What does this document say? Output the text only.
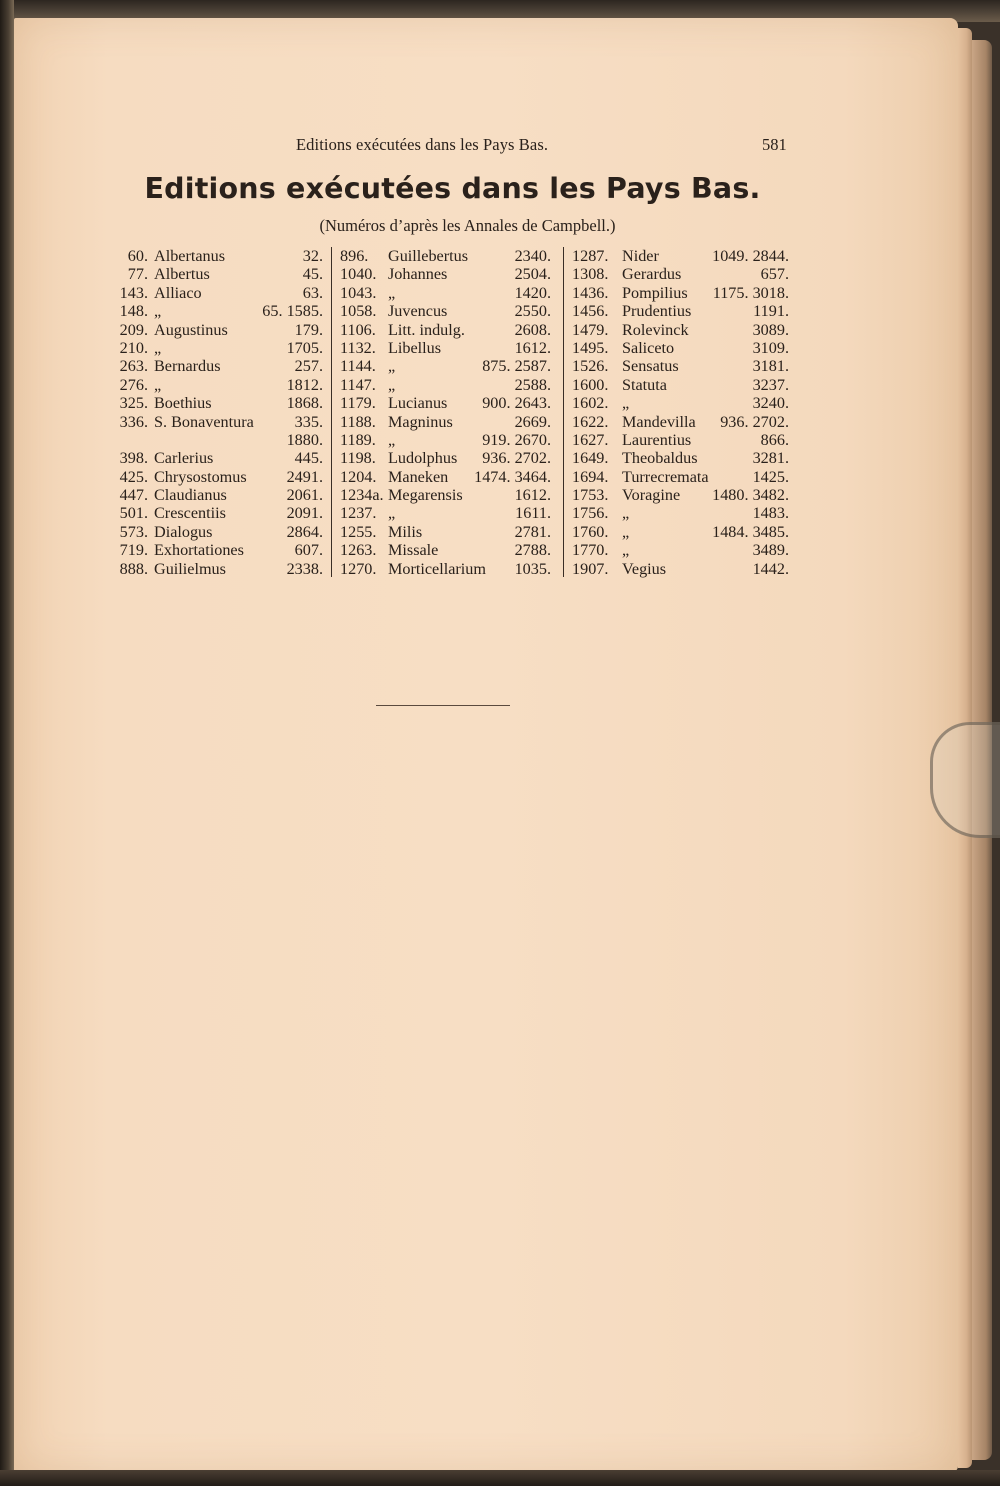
Editions exécutées dans les Pays Bas.	581
Editions exécutées dans les Pays Bas.
(Numéros d’après les Annales de Campbell.)
60. Albertanus	32.
77. Albertus	45.
143. Alliaco	63.
148. „	65. 1585.
209. Augustinus	179.
210. „	1705.
263. Bernardus	257.
276. „	1812.
325. Boethius	1868.
336. S. Bonaventura	335.
1880.
398. Carlerius	445.
425. Chrysostomus 2491.
447. Claudianus	2061.
501. Crescentiis	2091.
573. Dialogus	2864.
719. Exhortationes	607.
888. Guilielmus	2338.
896.	Guillebertus	2340.
1040. Johannes	2504.
1043. „	1420.
1058. Juvencus	2550.
1106. Litt. indulg.	2608.
1132. Libellus	1612.
1144. „	875. 2587.
1147. „	2588.
1179. Lucianus 900. 2643.
1188. Magninus	2669.
1189. „	919. 2670.
1198. Ludolphus 936. 2702.
1204. Maneken 1474. 3464.
1234a. Megarensis	1612.
1237. „	1611.
1255. Milis	2781.
1263. Missale	2788.
1270. Morticellarium 1035.
1287. Nider	1049. 2844.
1308. Gerardus	657.
1436. Pompilius 1175. 3018.
1456. Prudentius	1191.
1479. Rolevinck	3089.
1495. Saliceto	3109.
1526. Sensatus	3181.
1600. Statuta	3237.
1602. „	3240.
1622. Mandevilla 936. 2702.
1627. Laurentius	866.
1649. Theobaldus	3281.
1694. Turrecremata	1425.
1753. Voragine 1480. 3482.
1756. „	1483.
1760. „	1484. 3485.
1770. „	3489.
1907. Vegius	1442.
